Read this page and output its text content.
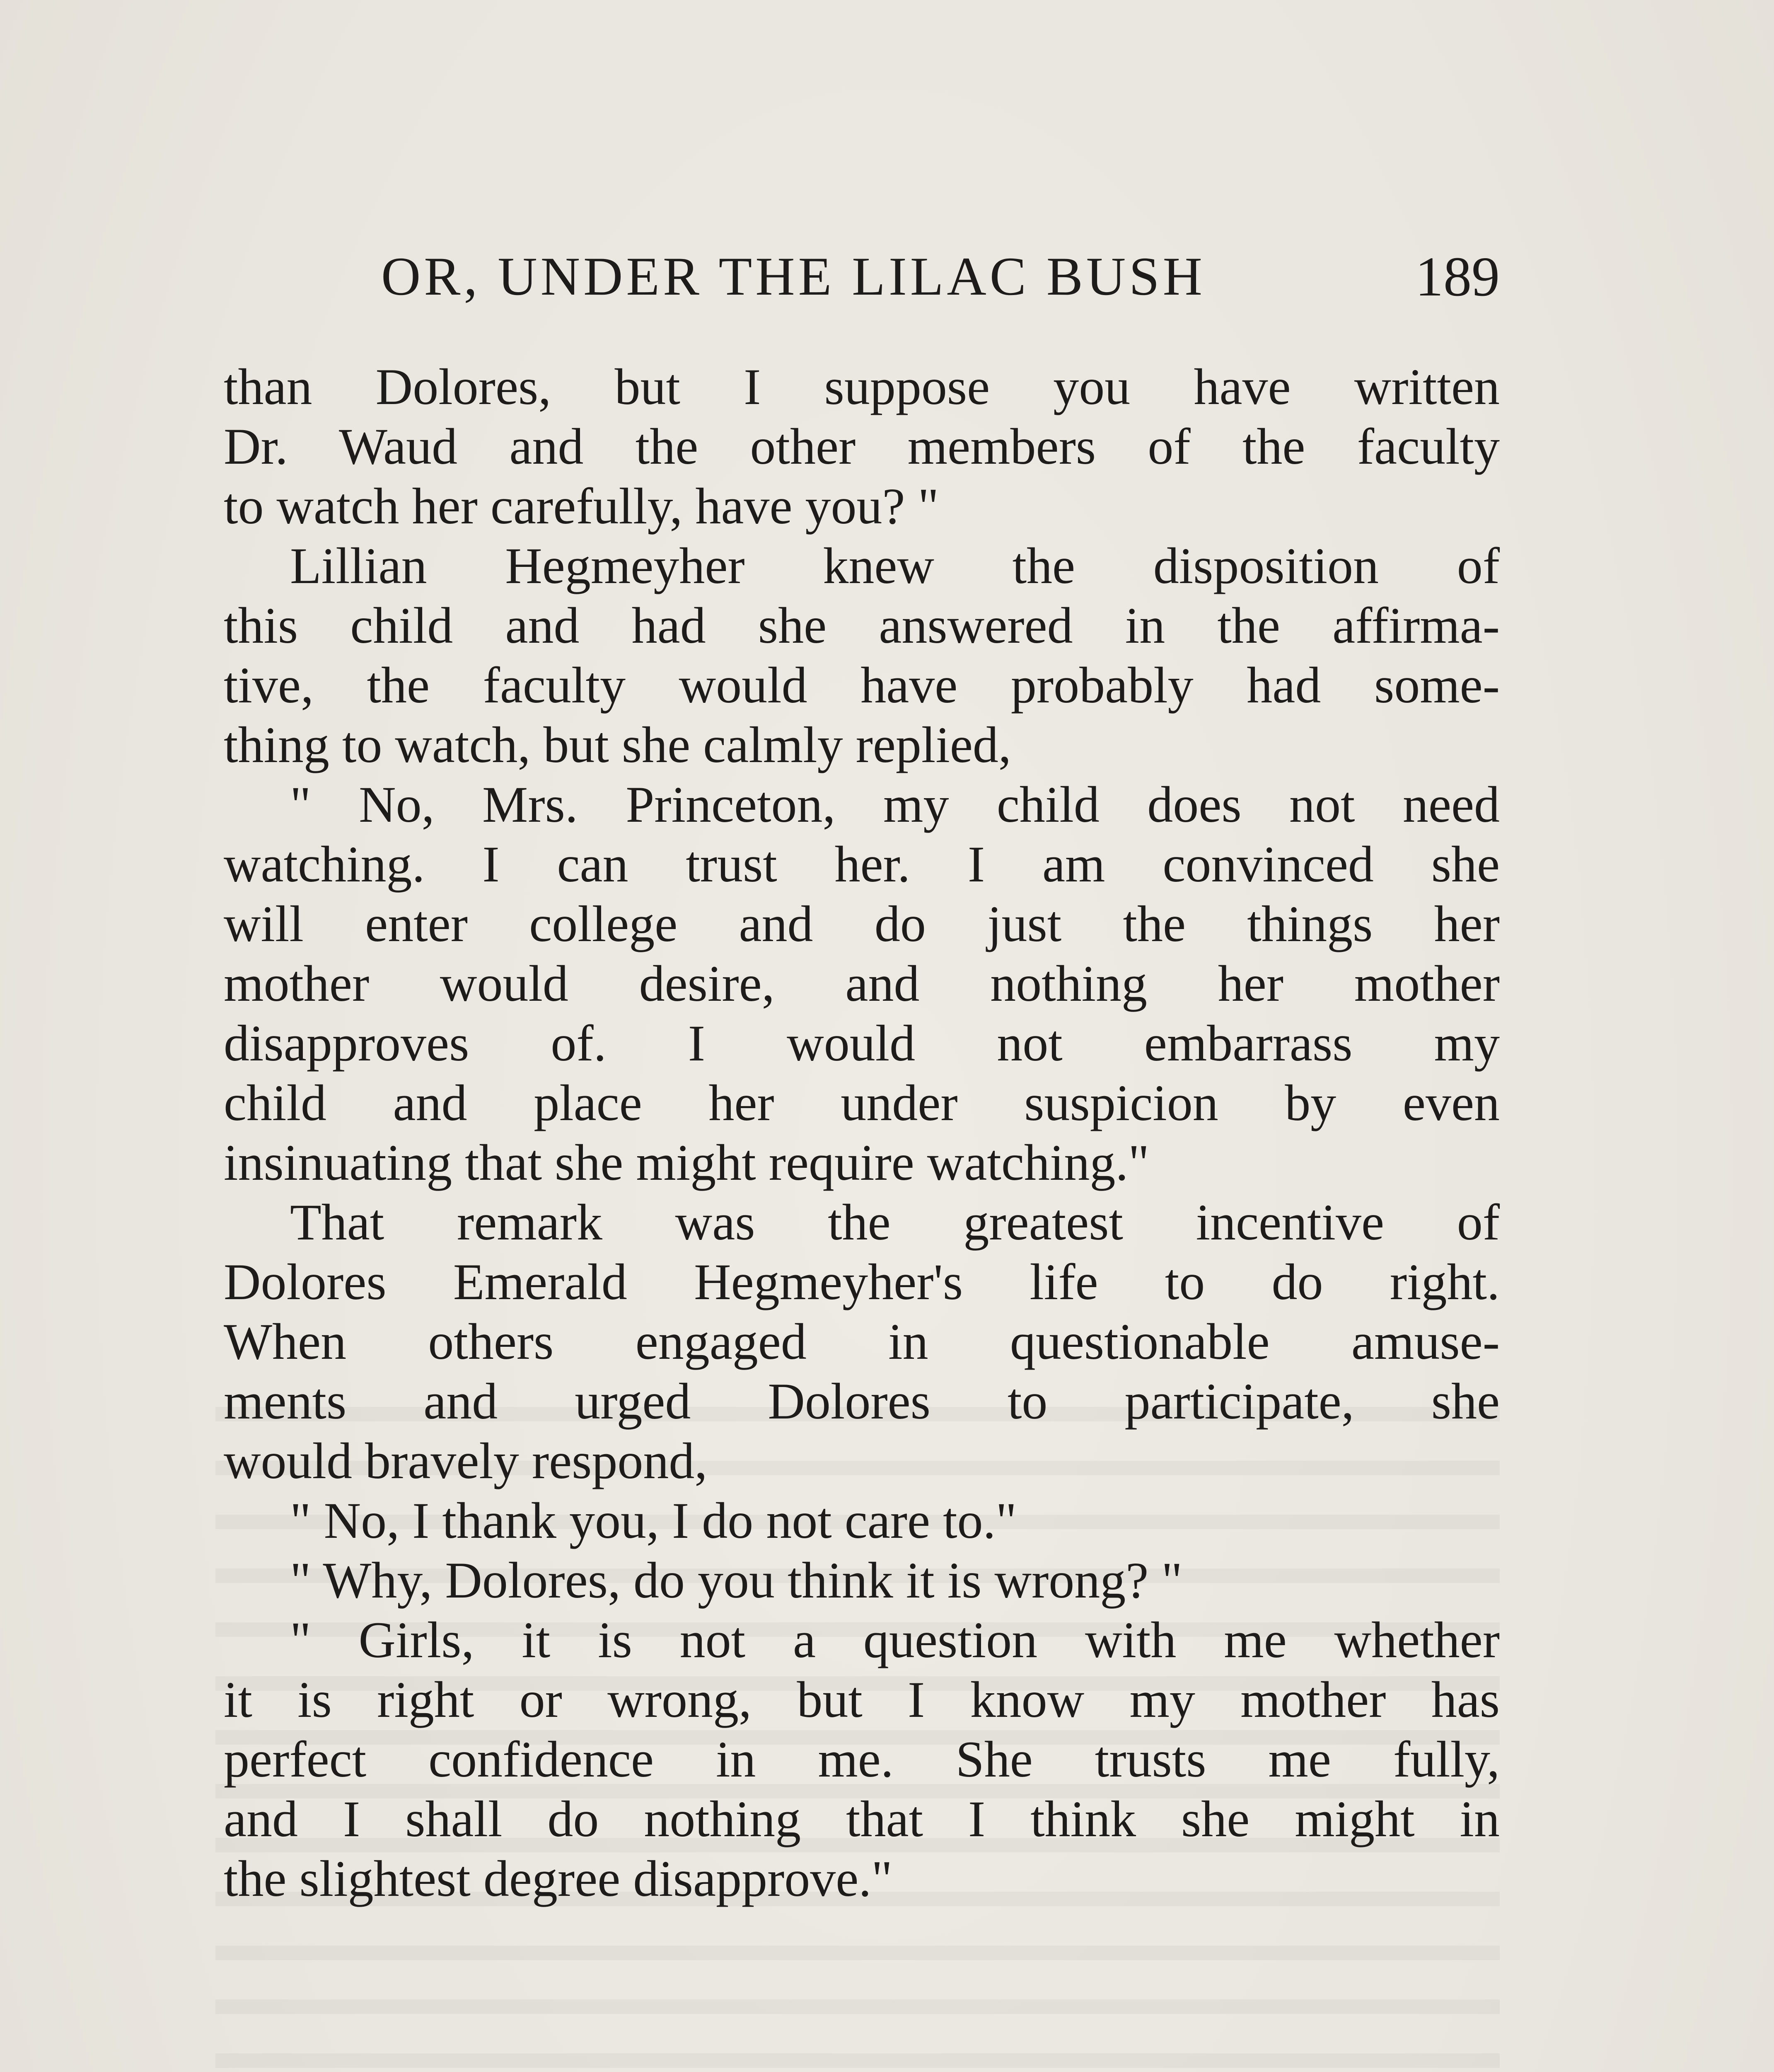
OR, UNDER THE LILAC BUSH	189
than Dolores, but I suppose you have written
Dr. Waud and the other members of the faculty
to watch her carefully, have you? "
Lillian Hegmeyher knew the disposition of
this child and had she answered in the affirma-
tive, the faculty would have probably had some-
thing to watch, but she calmly replied,
" No, Mrs. Princeton, my child does not need
watching. I can trust her. I am convinced she
will enter college and do just the things her
mother would desire, and nothing her mother
disapproves of. I would not embarrass my
child and place her under suspicion by even
insinuating that she might require watching."
That remark was the greatest incentive of
Dolores Emerald Hegmeyher's life to do right.
When others engaged in questionable amuse-
ments and urged Dolores to participate, she
would bravely respond,
" No, I thank you, I do not care to."
" Why, Dolores, do you think it is wrong? "
" Girls, it is not a question with me whether
it is right or wrong, but I know my mother has
perfect confidence in me. She trusts me fully,
and I shall do nothing that I think she might in
the slightest degree disapprove."
